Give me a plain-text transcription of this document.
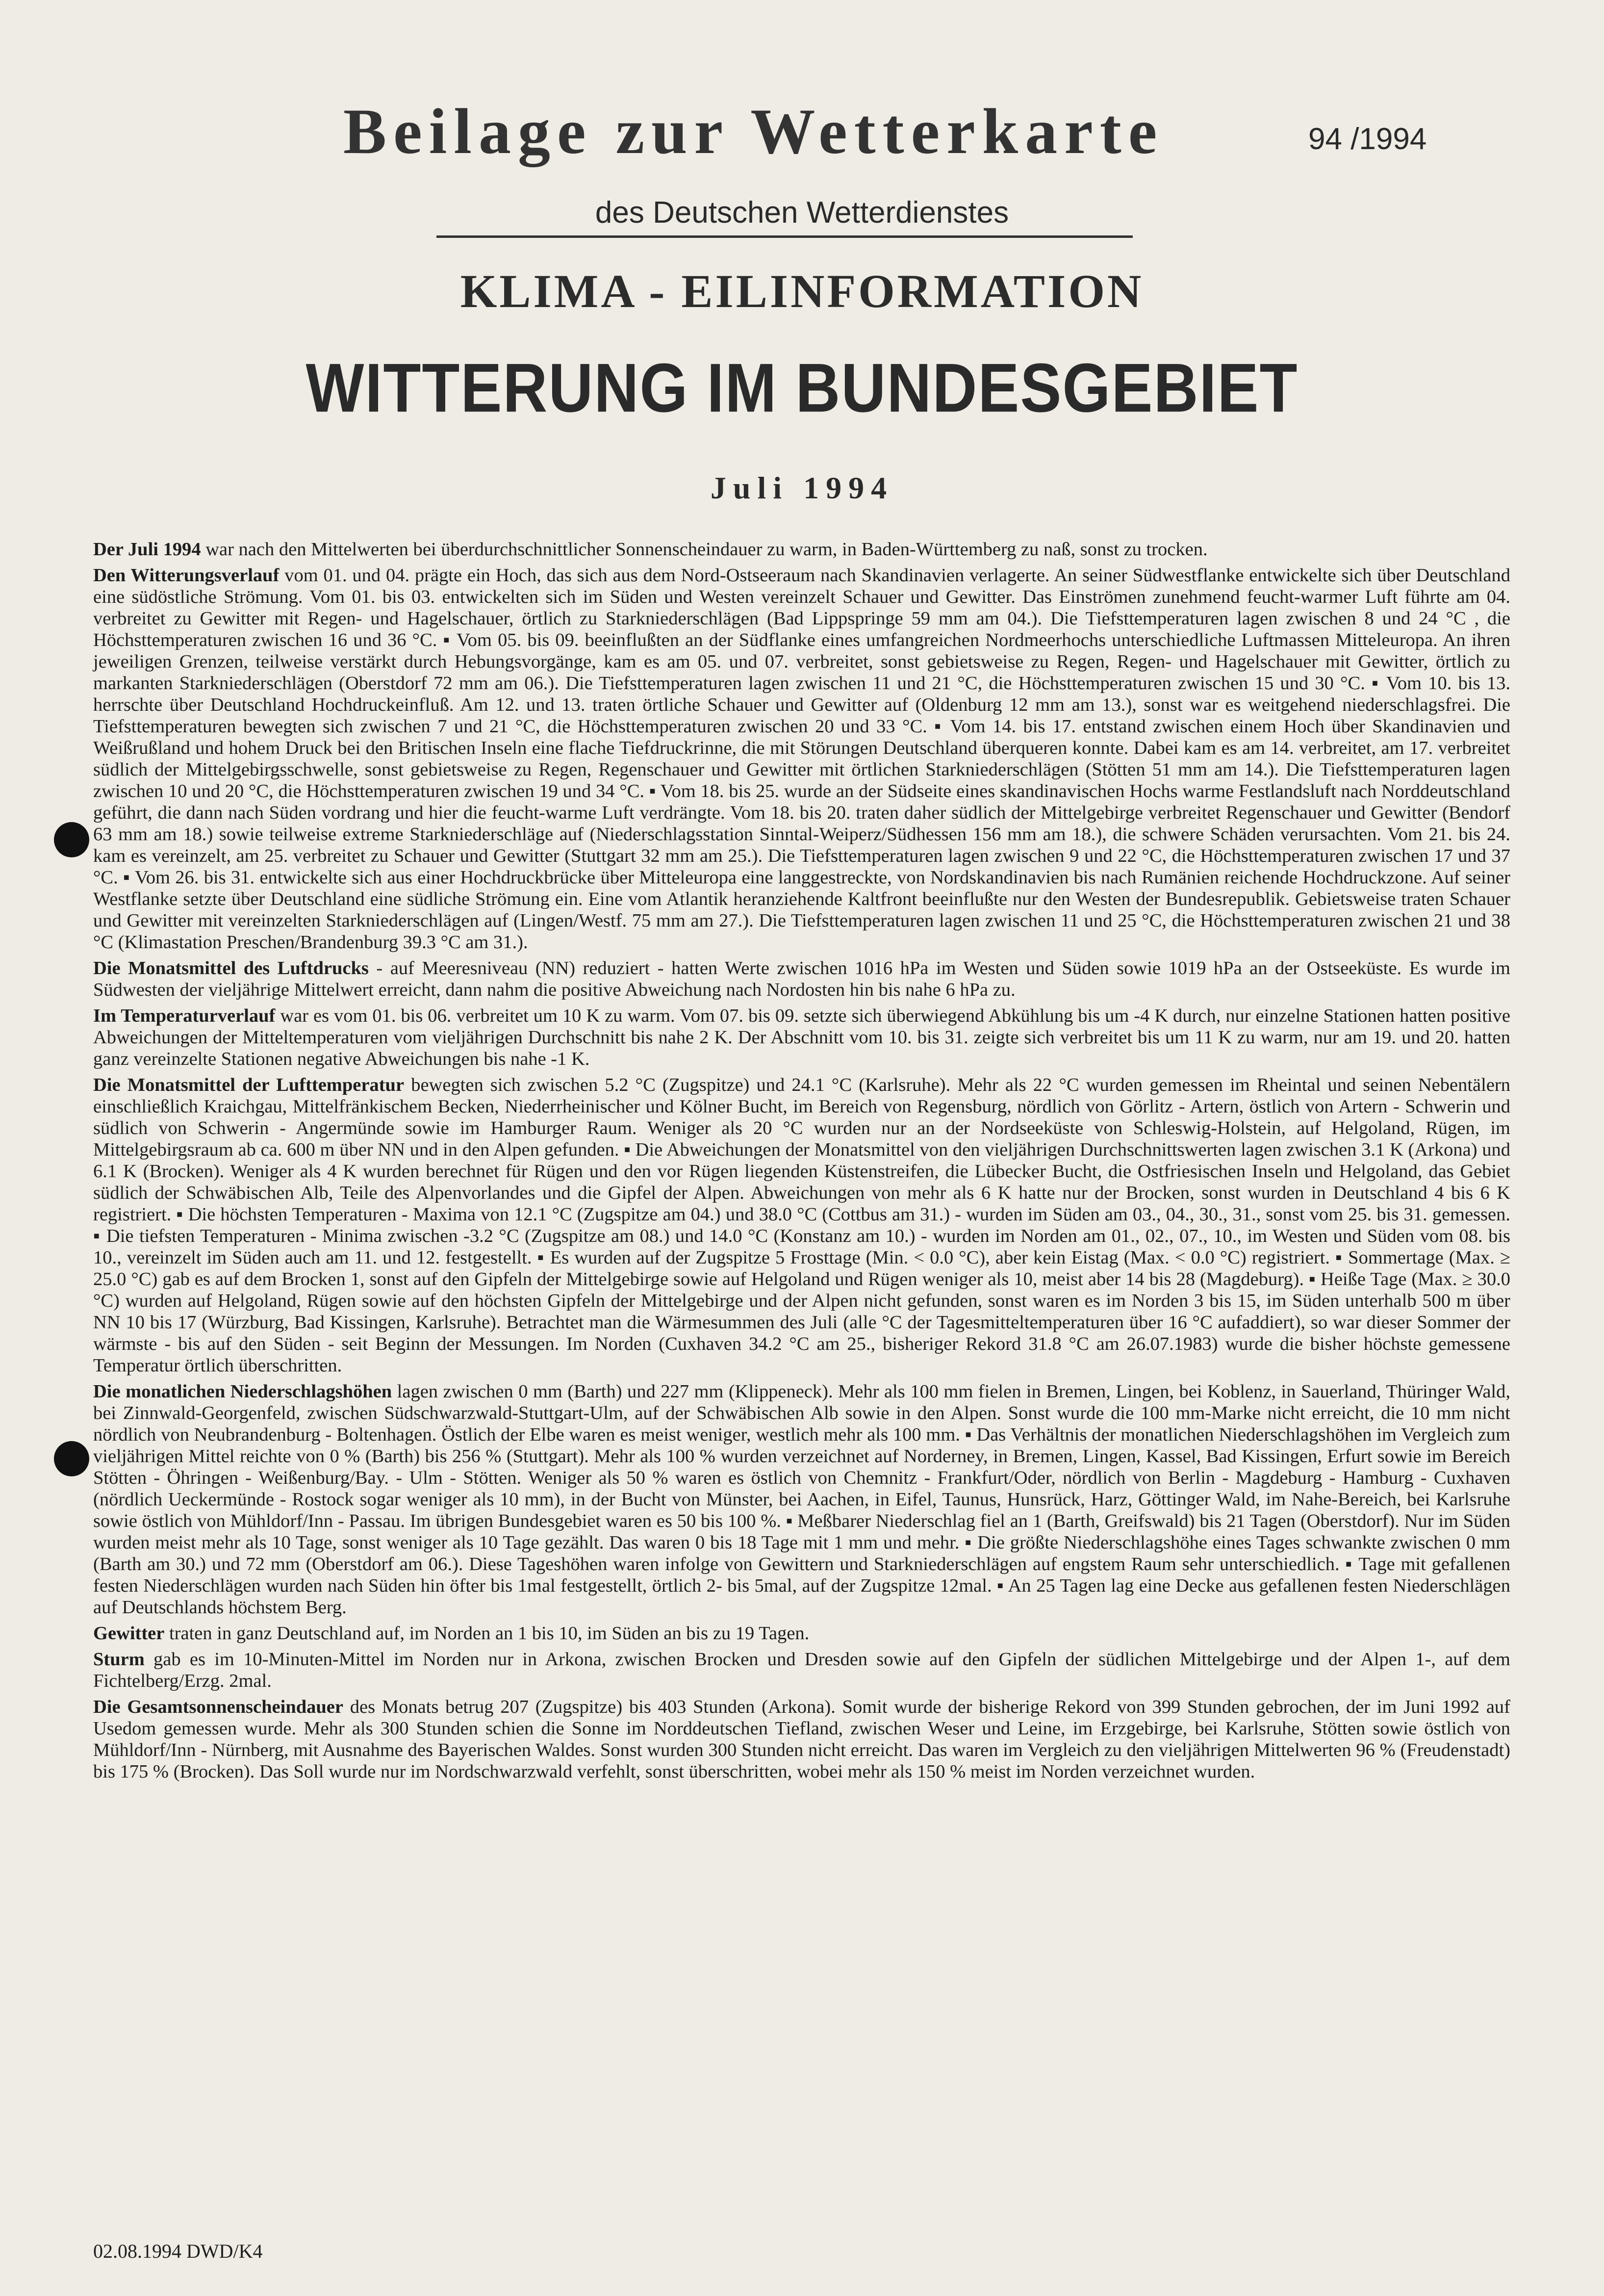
Beilage zur Wetterkarte	94 /1994
des Deutschen Wetterdienstes
KLIMA - EILINFORMATION
WITTERUNG IM BUNDESGEBIET
Juli 1994

Der Juli 1994 war nach den Mittelwerten bei überdurchschnittlicher Sonnenscheindauer zu warm, in Baden-Württemberg zu naß, sonst zu trocken.

Den Witterungsverlauf vom 01. und 04. prägte ein Hoch, das sich aus dem Nord-Ostseeraum nach Skandinavien verlagerte. An seiner Südwestflanke entwickelte sich über Deutschland eine südöstliche Strömung. Vom 01. bis 03. entwickelten sich im Süden und Westen vereinzelt Schauer und Gewitter. Das Einströmen zunehmend feucht-warmer Luft führte am 04. verbreitet zu Gewitter mit Regen- und Hagelschauer, örtlich zu Starkniederschlägen (Bad Lippspringe 59 mm am 04.). Die Tiefsttemperaturen lagen zwischen 8 und 24 °C , die Höchsttemperaturen zwischen 16 und 36 °C. ▪ Vom 05. bis 09. beeinflußten an der Südflanke eines umfangreichen Nordmeerhochs unterschiedliche Luftmassen Mitteleuropa. An ihren jeweiligen Grenzen, teilweise verstärkt durch Hebungsvorgänge, kam es am 05. und 07. verbreitet, sonst gebietsweise zu Regen, Regen- und Hagelschauer mit Gewitter, örtlich zu markanten Starkniederschlägen (Oberstdorf 72 mm am 06.). Die Tiefsttemperaturen lagen zwischen 11 und 21 °C, die Höchsttemperaturen zwischen 15 und 30 °C. ▪ Vom 10. bis 13. herrschte über Deutschland Hochdruckeinfluß. Am 12. und 13. traten örtliche Schauer und Gewitter auf (Oldenburg 12 mm am 13.), sonst war es weitgehend niederschlagsfrei. Die Tiefsttemperaturen bewegten sich zwischen 7 und 21 °C, die Höchsttemperaturen zwischen 20 und 33 °C. ▪ Vom 14. bis 17. entstand zwischen einem Hoch über Skandinavien und Weißrußland und hohem Druck bei den Britischen Inseln eine flache Tiefdruckrinne, die mit Störungen Deutschland überqueren konnte. Dabei kam es am 14. verbreitet, am 17. verbreitet südlich der Mittelgebirgsschwelle, sonst gebietsweise zu Regen, Regenschauer und Gewitter mit örtlichen Starkniederschlägen (Stötten 51 mm am 14.). Die Tiefsttemperaturen lagen zwischen 10 und 20 °C, die Höchsttemperaturen zwischen 19 und 34 °C. ▪ Vom 18. bis 25. wurde an der Südseite eines skandinavischen Hochs warme Festlandsluft nach Norddeutschland geführt, die dann nach Süden vordrang und hier die feucht-warme Luft verdrängte. Vom 18. bis 20. traten daher südlich der Mittelgebirge verbreitet Regenschauer und Gewitter (Bendorf 63 mm am 18.) sowie teilweise extreme Starkniederschläge auf (Niederschlagsstation Sinntal-Weiperz/Südhessen 156 mm am 18.), die schwere Schäden verursachten. Vom 21. bis 24. kam es vereinzelt, am 25. verbreitet zu Schauer und Gewitter (Stuttgart 32 mm am 25.). Die Tiefsttemperaturen lagen zwischen 9 und 22 °C, die Höchsttemperaturen zwischen 17 und 37 °C. ▪ Vom 26. bis 31. entwickelte sich aus einer Hochdruckbrücke über Mitteleuropa eine langgestreckte, von Nordskandinavien bis nach Rumänien reichende Hochdruckzone. Auf seiner Westflanke setzte über Deutschland eine südliche Strömung ein. Eine vom Atlantik heranziehende Kaltfront beeinflußte nur den Westen der Bundesrepublik. Gebietsweise traten Schauer und Gewitter mit vereinzelten Starkniederschlägen auf (Lingen/Westf. 75 mm am 27.). Die Tiefsttemperaturen lagen zwischen 11 und 25 °C, die Höchsttemperaturen zwischen 21 und 38 °C (Klimastation Preschen/Brandenburg 39.3 °C am 31.).

Die Monatsmittel des Luftdrucks - auf Meeresniveau (NN) reduziert - hatten Werte zwischen 1016 hPa im Westen und Süden sowie 1019 hPa an der Ostseeküste. Es wurde im Südwesten der vieljährige Mittelwert erreicht, dann nahm die positive Abweichung nach Nordosten hin bis nahe 6 hPa zu.

Im Temperaturverlauf war es vom 01. bis 06. verbreitet um 10 K zu warm. Vom 07. bis 09. setzte sich überwiegend Abkühlung bis um -4 K durch, nur einzelne Stationen hatten positive Abweichungen der Mitteltemperaturen vom vieljährigen Durchschnitt bis nahe 2 K. Der Abschnitt vom 10. bis 31. zeigte sich verbreitet bis um 11 K zu warm, nur am 19. und 20. hatten ganz vereinzelte Stationen negative Abweichungen bis nahe -1 K.

Die Monatsmittel der Lufttemperatur bewegten sich zwischen 5.2 °C (Zugspitze) und 24.1 °C (Karlsruhe). Mehr als 22 °C wurden gemessen im Rheintal und seinen Nebentälern einschließlich Kraichgau, Mittelfränkischem Becken, Niederrheinischer und Kölner Bucht, im Bereich von Regensburg, nördlich von Görlitz - Artern, östlich von Artern - Schwerin und südlich von Schwerin - Angermünde sowie im Hamburger Raum. Weniger als 20 °C wurden nur an der Nordseeküste von Schleswig-Holstein, auf Helgoland, Rügen, im Mittelgebirgsraum ab ca. 600 m über NN und in den Alpen gefunden. ▪ Die Abweichungen der Monatsmittel von den vieljährigen Durchschnittswerten lagen zwischen 3.1 K (Arkona) und 6.1 K (Brocken). Weniger als 4 K wurden berechnet für Rügen und den vor Rügen liegenden Küstenstreifen, die Lübecker Bucht, die Ostfriesischen Inseln und Helgoland, das Gebiet südlich der Schwäbischen Alb, Teile des Alpenvorlandes und die Gipfel der Alpen. Abweichungen von mehr als 6 K hatte nur der Brocken, sonst wurden in Deutschland 4 bis 6 K registriert. ▪ Die höchsten Temperaturen - Maxima von 12.1 °C (Zugspitze am 04.) und 38.0 °C (Cottbus am 31.) - wurden im Süden am 03., 04., 30., 31., sonst vom 25. bis 31. gemessen. ▪ Die tiefsten Temperaturen - Minima zwischen -3.2 °C (Zugspitze am 08.) und 14.0 °C (Konstanz am 10.) - wurden im Norden am 01., 02., 07., 10., im Westen und Süden vom 08. bis 10., vereinzelt im Süden auch am 11. und 12. festgestellt. ▪ Es wurden auf der Zugspitze 5 Frosttage (Min. < 0.0 °C), aber kein Eistag (Max. < 0.0 °C) registriert. ▪ Sommertage (Max. ≥ 25.0 °C) gab es auf dem Brocken 1, sonst auf den Gipfeln der Mittelgebirge sowie auf Helgoland und Rügen weniger als 10, meist aber 14 bis 28 (Magdeburg). ▪ Heiße Tage (Max. ≥ 30.0 °C) wurden auf Helgoland, Rügen sowie auf den höchsten Gipfeln der Mittelgebirge und der Alpen nicht gefunden, sonst waren es im Norden 3 bis 15, im Süden unterhalb 500 m über NN 10 bis 17 (Würzburg, Bad Kissingen, Karlsruhe). Betrachtet man die Wärmesummen des Juli (alle °C der Tagesmitteltemperaturen über 16 °C aufaddiert), so war dieser Sommer der wärmste - bis auf den Süden - seit Beginn der Messungen. Im Norden (Cuxhaven 34.2 °C am 25., bisheriger Rekord 31.8 °C am 26.07.1983) wurde die bisher höchste gemessene Temperatur örtlich überschritten.

Die monatlichen Niederschlagshöhen lagen zwischen 0 mm (Barth) und 227 mm (Klippeneck). Mehr als 100 mm fielen in Bremen, Lingen, bei Koblenz, in Sauerland, Thüringer Wald, bei Zinnwald-Georgenfeld, zwischen Südschwarzwald-Stuttgart-Ulm, auf der Schwäbischen Alb sowie in den Alpen. Sonst wurde die 100 mm-Marke nicht erreicht, die 10 mm nicht nördlich von Neubrandenburg - Boltenhagen. Östlich der Elbe waren es meist weniger, westlich mehr als 100 mm. ▪ Das Verhältnis der monatlichen Niederschlagshöhen im Vergleich zum vieljährigen Mittel reichte von 0 % (Barth) bis 256 % (Stuttgart). Mehr als 100 % wurden verzeichnet auf Norderney, in Bremen, Lingen, Kassel, Bad Kissingen, Erfurt sowie im Bereich Stötten - Öhringen - Weißenburg/Bay. - Ulm - Stötten. Weniger als 50 % waren es östlich von Chemnitz - Frankfurt/Oder, nördlich von Berlin - Magdeburg - Hamburg - Cuxhaven (nördlich Ueckermünde - Rostock sogar weniger als 10 mm), in der Bucht von Münster, bei Aachen, in Eifel, Taunus, Hunsrück, Harz, Göttinger Wald, im Nahe-Bereich, bei Karlsruhe sowie östlich von Mühldorf/Inn - Passau. Im übrigen Bundesgebiet waren es 50 bis 100 %. ▪ Meßbarer Niederschlag fiel an 1 (Barth, Greifswald) bis 21 Tagen (Oberstdorf). Nur im Süden wurden meist mehr als 10 Tage, sonst weniger als 10 Tage gezählt. Das waren 0 bis 18 Tage mit 1 mm und mehr. ▪ Die größte Niederschlagshöhe eines Tages schwankte zwischen 0 mm (Barth am 30.) und 72 mm (Oberstdorf am 06.). Diese Tageshöhen waren infolge von Gewittern und Starkniederschlägen auf engstem Raum sehr unterschiedlich. ▪ Tage mit gefallenen festen Niederschlägen wurden nach Süden hin öfter bis 1mal festgestellt, örtlich 2- bis 5mal, auf der Zugspitze 12mal. ▪ An 25 Tagen lag eine Decke aus gefallenen festen Niederschlägen auf Deutschlands höchstem Berg.

Gewitter traten in ganz Deutschland auf, im Norden an 1 bis 10, im Süden an bis zu 19 Tagen.

Sturm gab es im 10-Minuten-Mittel im Norden nur in Arkona, zwischen Brocken und Dresden sowie auf den Gipfeln der südlichen Mittelgebirge und der Alpen 1-, auf dem Fichtelberg/Erzg. 2mal.

Die Gesamtsonnenscheindauer des Monats betrug 207 (Zugspitze) bis 403 Stunden (Arkona). Somit wurde der bisherige Rekord von 399 Stunden gebrochen, der im Juni 1992 auf Usedom gemessen wurde. Mehr als 300 Stunden schien die Sonne im Norddeutschen Tiefland, zwischen Weser und Leine, im Erzgebirge, bei Karlsruhe, Stötten sowie östlich von Mühldorf/Inn - Nürnberg, mit Ausnahme des Bayerischen Waldes. Sonst wurden 300 Stunden nicht erreicht. Das waren im Vergleich zu den vieljährigen Mittelwerten 96 % (Freudenstadt) bis 175 % (Brocken). Das Soll wurde nur im Nordschwarzwald verfehlt, sonst überschritten, wobei mehr als 150 % meist im Norden verzeichnet wurden.

02.08.1994 DWD/K4
